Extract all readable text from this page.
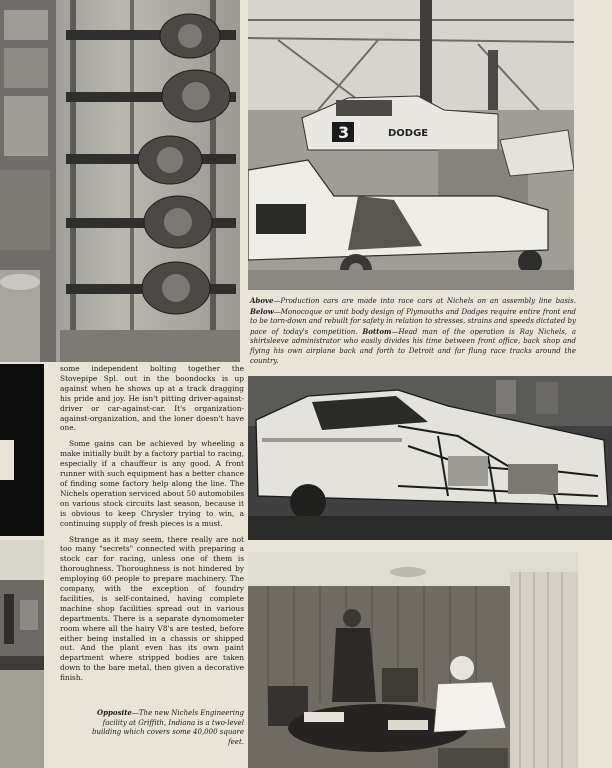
3	DODGE

Above—Production cars are made into race cars at Nichels on an assembly line basis. Below—Monocoque or unit body design of Plymouths and Dodges require entire front end to be torn-down and rebuilt for safety in relation to stresses, strains and speeds dictated by pace of today's competition. Bottom—Head man of the operation is Ray Nichels, a shirtsleeve administrator who easily divides his time between front office, back shop and flying his own airplane back and forth to Detroit and far flung race tracks around the country.

some independent bolting together the Stovepipe Spl. out in the boondocks is up against when he shows up at a track dragging his pride and joy. He isn't pitting driver-against-driver or car-against-car. It's organization-against-organization, and the loner doesn't have one.

Some gains can be achieved by wheeling a make initially built by a factory partial to racing, especially if a chauffeur is any good. A front runner with such equipment has a better chance of finding some factory help along the line. The Nichels operation serviced about 50 automobiles on various stock circuits last season, because it is obvious to keep Chrysler trying to win, a continuing supply of fresh pieces is a must.

Strange as it may seem, there really are not too many "secrets" connected with preparing a stock car for racing, unless one of them is thoroughness. Thoroughness is not hindered by employing 60 people to prepare machinery. The company, with the exception of foundry facilities, is self-contained, having complete machine shop facilities spread out in various departments. There is a separate dynomometer room where all the hairy V8's are tested, before either being installed in a chassis or shipped out. And the plant even has its own paint department where stripped bodies are taken down to the bare metal, then given a decorative finish.

Opposite—The new Nichels Engineering facility at Griffith, Indiana is a two-level building which covers some 40,000 square feet.
